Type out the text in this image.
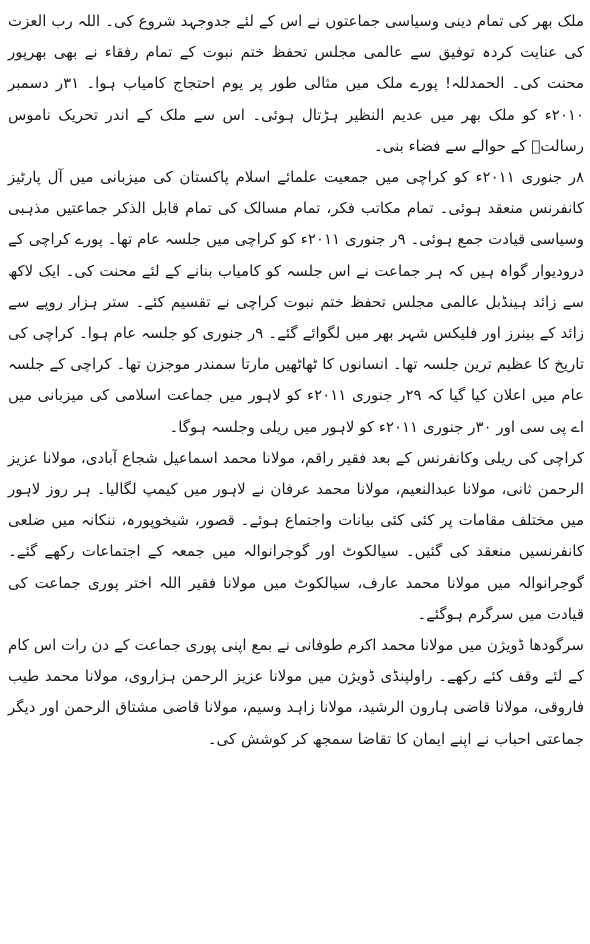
ملک بھر کی تمام دینی وسیاسی جماعتوں نے اس کے لئے جدوجہد شروع کی۔ اللہ رب العزت کی عنایت کردہ توفیق سے عالمی مجلس تحفظ ختم نبوت کے تمام رفقاء نے بھی بھرپور محنت کی۔ الحمدللہ! پورے ملک میں مثالی طور پر یوم احتجاج کامیاب ہوا۔ ۳۱ر دسمبر ۲۰۱۰ء کو ملک بھر میں عدیم النظیر ہڑتال ہوئی۔ اس سے ملک کے اندر تحریک ناموس رسالتؐ کے حوالے سے فضاء بنی۔

۸ر جنوری ۲۰۱۱ء کو کراچی میں جمعیت علمائے اسلام پاکستان کی میزبانی میں آل پارٹیز کانفرنس منعقد ہوئی۔ تمام مکاتب فکر، تمام مسالک کی تمام قابل الذکر جماعتیں مذہبی وسیاسی قیادت جمع ہوئی۔ ۹ر جنوری ۲۰۱۱ء کو کراچی میں جلسہ عام تھا۔ پورے کراچی کے درودیوار گواہ ہیں کہ ہر جماعت نے اس جلسہ کو کامیاب بنانے کے لئے محنت کی۔ ایک لاکھ سے زائد ہینڈبل عالمی مجلس تحفظ ختم نبوت کراچی نے تقسیم کئے۔ ستر ہزار روپے سے زائد کے بینرز اور فلیکس شہر بھر میں لگوائے گئے۔ ۹ر جنوری کو جلسہ عام ہوا۔ کراچی کی تاریخ کا عظیم ترین جلسہ تھا۔ انسانوں کا ٹھاٹھیں مارتا سمندر موجزن تھا۔ کراچی کے جلسہ عام میں اعلان کیا گیا کہ ۲۹ر جنوری ۲۰۱۱ء کو لاہور میں جماعت اسلامی کی میزبانی میں اے پی سی اور ۳۰ر جنوری ۲۰۱۱ء کو لاہور میں ریلی وجلسہ ہوگا۔

کراچی کی ریلی وکانفرنس کے بعد فقیر راقم، مولانا محمد اسماعیل شجاع آبادی، مولانا عزیز الرحمن ثانی، مولانا عبدالنعیم، مولانا محمد عرفان نے لاہور میں کیمپ لگالیا۔ ہر روز لاہور میں مختلف مقامات پر کئی کئی بیانات واجتماع ہوئے۔ قصور، شیخوپورہ، ننکانہ میں ضلعی کانفرنسیں منعقد کی گئیں۔ سیالکوٹ اور گوجرانوالہ میں جمعہ کے اجتماعات رکھے گئے۔ گوجرانوالہ میں مولانا محمد عارف، سیالکوٹ میں مولانا فقیر اللہ اختر پوری جماعت کی قیادت میں سرگرم ہوگئے۔

سرگودھا ڈویژن میں مولانا محمد اکرم طوفانی نے بمع اپنی پوری جماعت کے دن رات اس کام کے لئے وقف کئے رکھے۔ راولپنڈی ڈویژن میں مولانا عزیز الرحمن ہزاروی، مولانا محمد طیب فاروقی، مولانا قاضی ہارون الرشید، مولانا زاہد وسیم، مولانا قاضی مشتاق الرحمن اور دیگر جماعتی احباب نے اپنے ایمان کا تقاضا سمجھ کر کوشش کی۔
